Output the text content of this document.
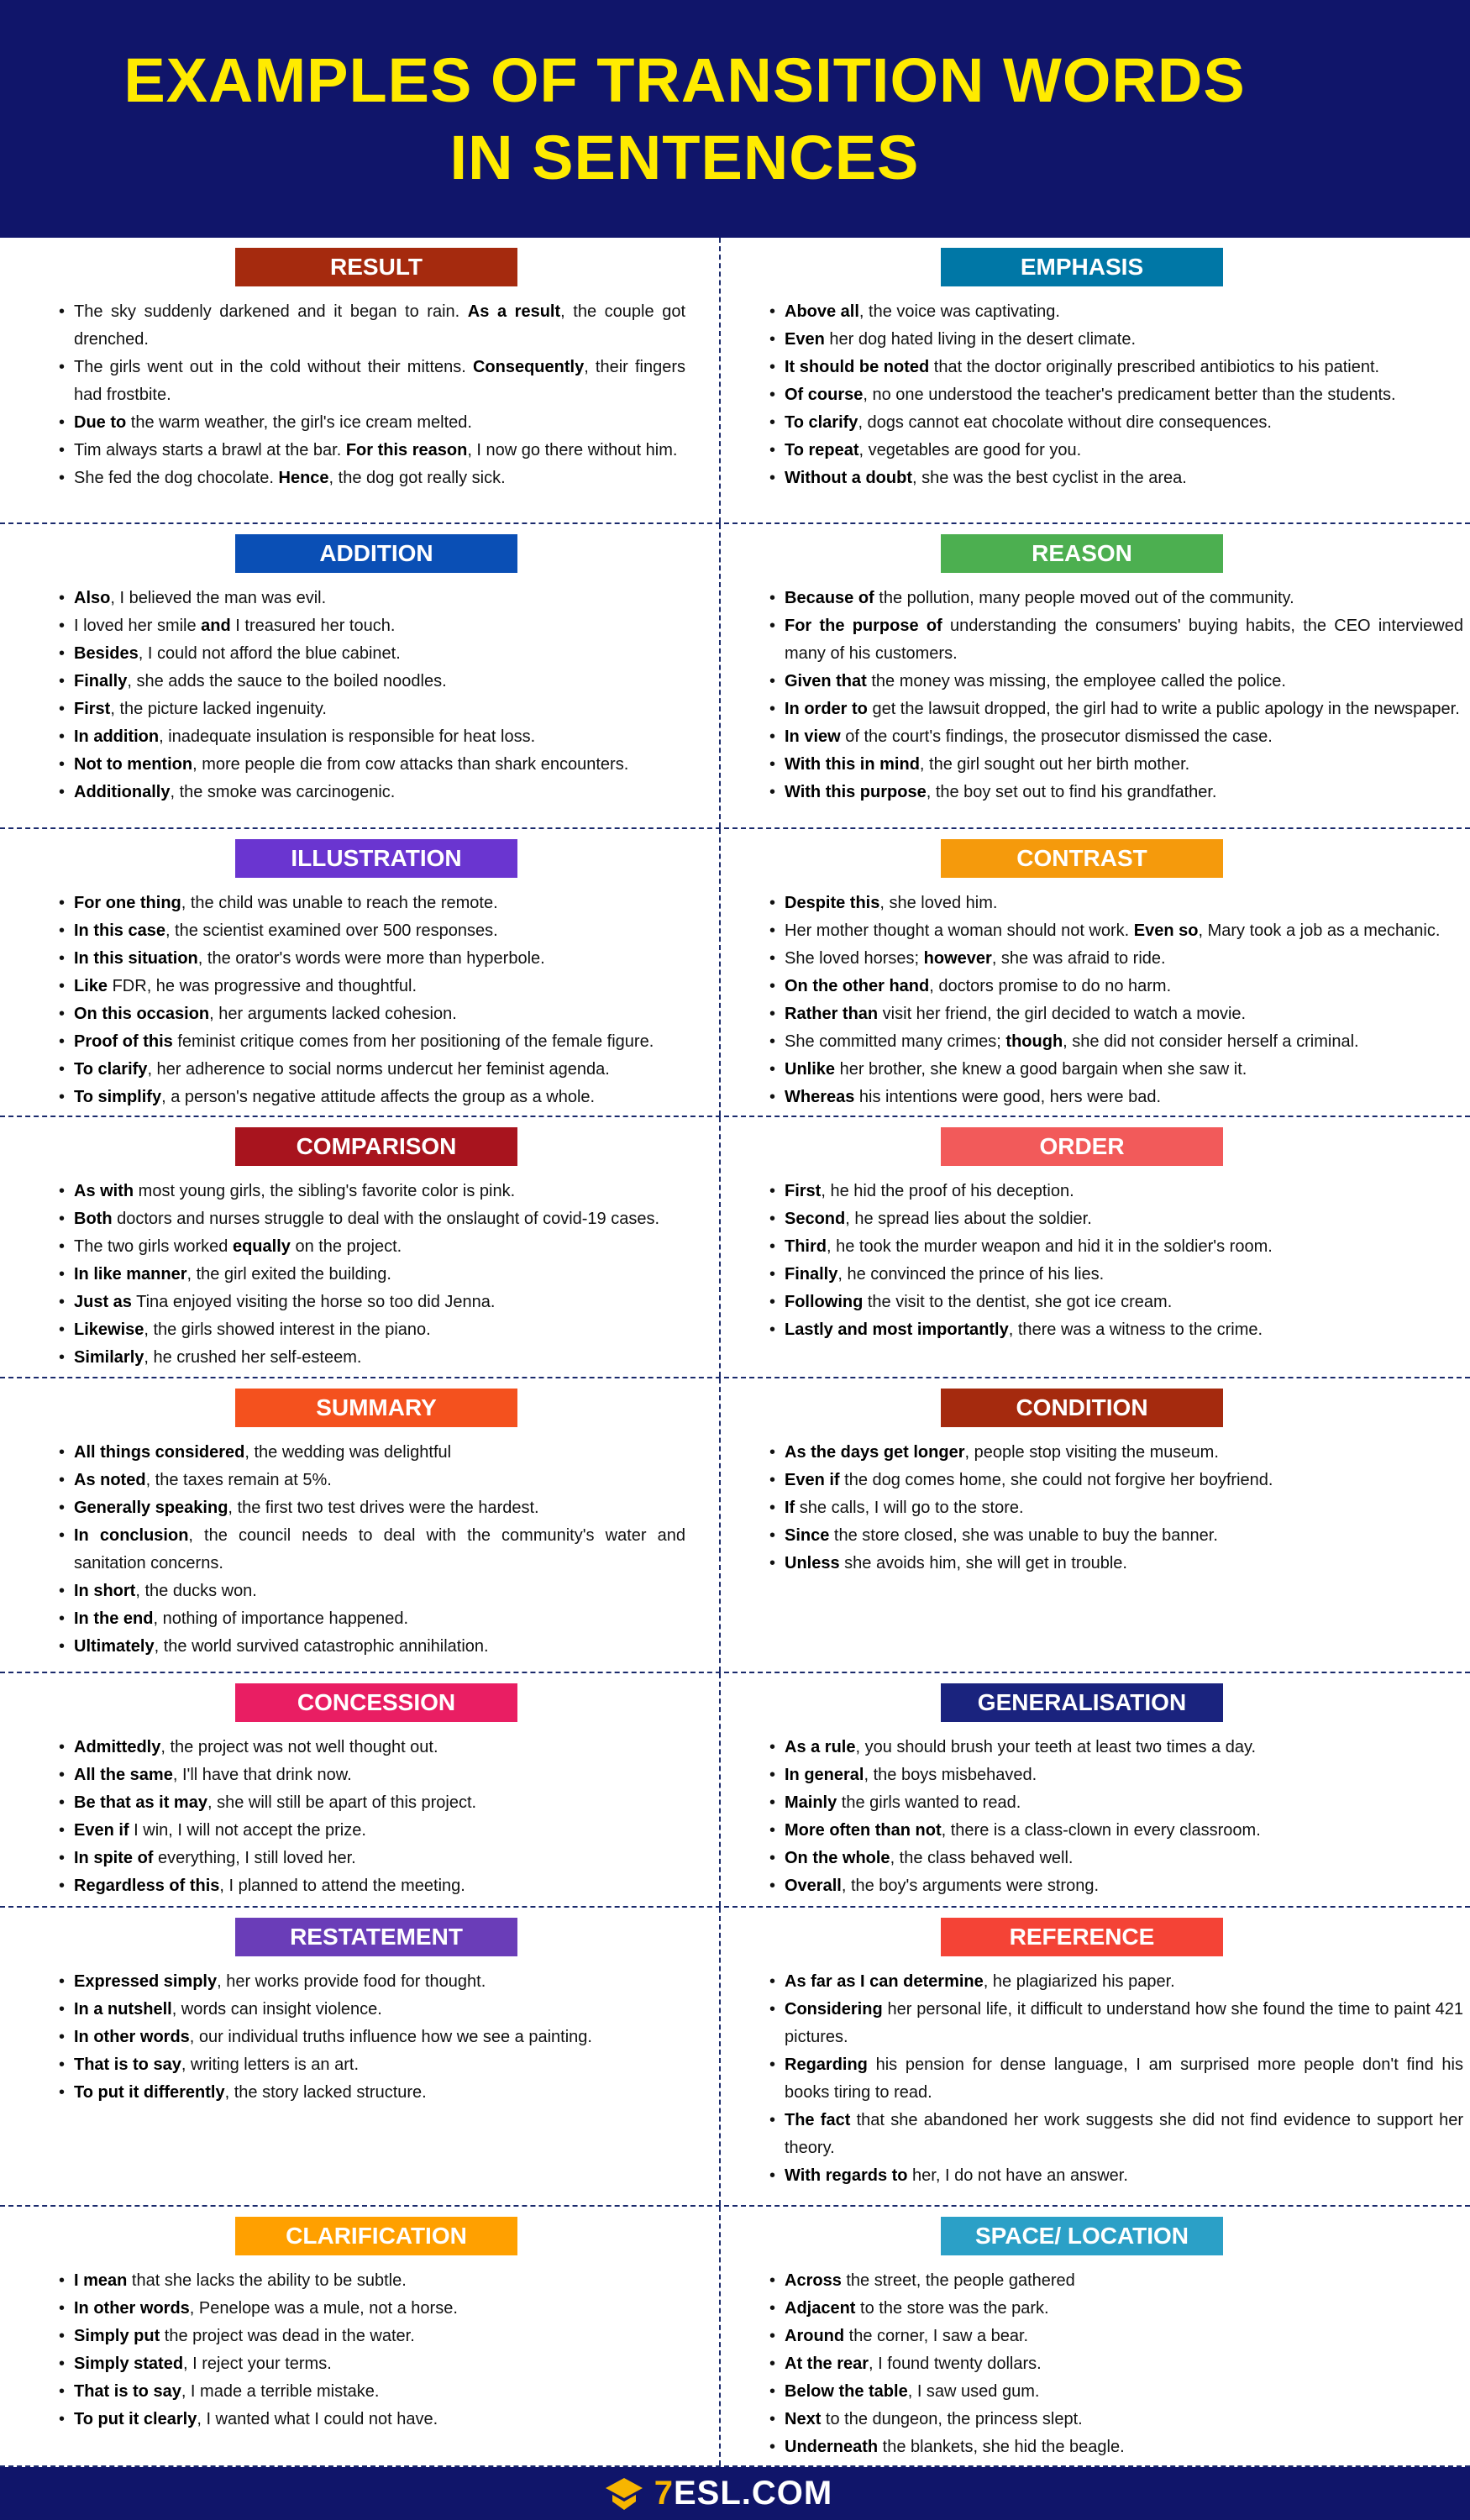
EXAMPLES OF TRANSITION WORDS
IN SENTENCES
RESULT
• The sky suddenly darkened and it began to rain. As a result, the couple got drenched.
• The girls went out in the cold without their mittens. Consequently, their fingers had frostbite.
• Due to the warm weather, the girl's ice cream melted.
• Tim always starts a brawl at the bar. For this reason, I now go there without him.
• She fed the dog chocolate. Hence, the dog got really sick.
EMPHASIS
• Above all, the voice was captivating.
• Even her dog hated living in the desert climate.
• It should be noted that the doctor originally prescribed antibiotics to his patient.
• Of course, no one understood the teacher's predicament better than the students.
• To clarify, dogs cannot eat chocolate without dire consequences.
• To repeat, vegetables are good for you.
• Without a doubt, she was the best cyclist in the area.
ADDITION
• Also, I believed the man was evil.
• I loved her smile and I treasured her touch.
• Besides, I could not afford the blue cabinet.
• Finally, she adds the sauce to the boiled noodles.
• First, the picture lacked ingenuity.
• In addition, inadequate insulation is responsible for heat loss.
• Not to mention, more people die from cow attacks than shark encounters.
• Additionally, the smoke was carcinogenic.
REASON
• Because of the pollution, many people moved out of the community.
• For the purpose of understanding the consumers' buying habits, the CEO interviewed many of his customers.
• Given that the money was missing, the employee called the police.
• In order to get the lawsuit dropped, the girl had to write a public apology in the newspaper.
• In view of the court's findings, the prosecutor dismissed the case.
• With this in mind, the girl sought out her birth mother.
• With this purpose, the boy set out to find his grandfather.
ILLUSTRATION
• For one thing, the child was unable to reach the remote.
• In this case, the scientist examined over 500 responses.
• In this situation, the orator's words were more than hyperbole.
• Like FDR, he was progressive and thoughtful.
• On this occasion, her arguments lacked cohesion.
• Proof of this feminist critique comes from her positioning of the female figure.
• To clarify, her adherence to social norms undercut her feminist agenda.
• To simplify, a person's negative attitude affects the group as a whole.
CONTRAST
• Despite this, she loved him.
• Her mother thought a woman should not work. Even so, Mary took a job as a mechanic.
• She loved horses; however, she was afraid to ride.
• On the other hand, doctors promise to do no harm.
• Rather than visit her friend, the girl decided to watch a movie.
• She committed many crimes; though, she did not consider herself a criminal.
• Unlike her brother, she knew a good bargain when she saw it.
• Whereas his intentions were good, hers were bad.
COMPARISON
• As with most young girls, the sibling's favorite color is pink.
• Both doctors and nurses struggle to deal with the onslaught of covid-19 cases.
• The two girls worked equally on the project.
• In like manner, the girl exited the building.
• Just as Tina enjoyed visiting the horse so too did Jenna.
• Likewise, the girls showed interest in the piano.
• Similarly, he crushed her self-esteem.
ORDER
• First, he hid the proof of his deception.
• Second, he spread lies about the soldier.
• Third, he took the murder weapon and hid it in the soldier's room.
• Finally, he convinced the prince of his lies.
• Following the visit to the dentist, she got ice cream.
• Lastly and most importantly, there was a witness to the crime.
SUMMARY
• All things considered, the wedding was delightful
• As noted, the taxes remain at 5%.
• Generally speaking, the first two test drives were the hardest.
• In conclusion, the council needs to deal with the community's water and sanitation concerns.
• In short, the ducks won.
• In the end, nothing of importance happened.
• Ultimately, the world survived catastrophic annihilation.
CONDITION
• As the days get longer, people stop visiting the museum.
• Even if the dog comes home, she could not forgive her boyfriend.
• If she calls, I will go to the store.
• Since the store closed, she was unable to buy the banner.
• Unless she avoids him, she will get in trouble.
CONCESSION
• Admittedly, the project was not well thought out.
• All the same, I'll have that drink now.
• Be that as it may, she will still be apart of this project.
• Even if I win, I will not accept the prize.
• In spite of everything, I still loved her.
• Regardless of this, I planned to attend the meeting.
GENERALISATION
• As a rule, you should brush your teeth at least two times a day.
• In general, the boys misbehaved.
• Mainly the girls wanted to read.
• More often than not, there is a class-clown in every classroom.
• On the whole, the class behaved well.
• Overall, the boy's arguments were strong.
RESTATEMENT
• Expressed simply, her works provide food for thought.
• In a nutshell, words can insight violence.
• In other words, our individual truths influence how we see a painting.
• That is to say, writing letters is an art.
• To put it differently, the story lacked structure.
REFERENCE
• As far as I can determine, he plagiarized his paper.
• Considering her personal life, it difficult to understand how she found the time to paint 421 pictures.
• Regarding his pension for dense language, I am surprised more people don't find his books tiring to read.
• The fact that she abandoned her work suggests she did not find evidence to support her theory.
• With regards to her, I do not have an answer.
CLARIFICATION
• I mean that she lacks the ability to be subtle.
• In other words, Penelope was a mule, not a horse.
• Simply put the project was dead in the water.
• Simply stated, I reject your terms.
• That is to say, I made a terrible mistake.
• To put it clearly, I wanted what I could not have.
SPACE/ LOCATION
• Across the street, the people gathered
• Adjacent to the store was the park.
• Around the corner, I saw a bear.
• At the rear, I found twenty dollars.
• Below the table, I saw used gum.
• Next to the dungeon, the princess slept.
• Underneath the blankets, she hid the beagle.
7ESL.COM
